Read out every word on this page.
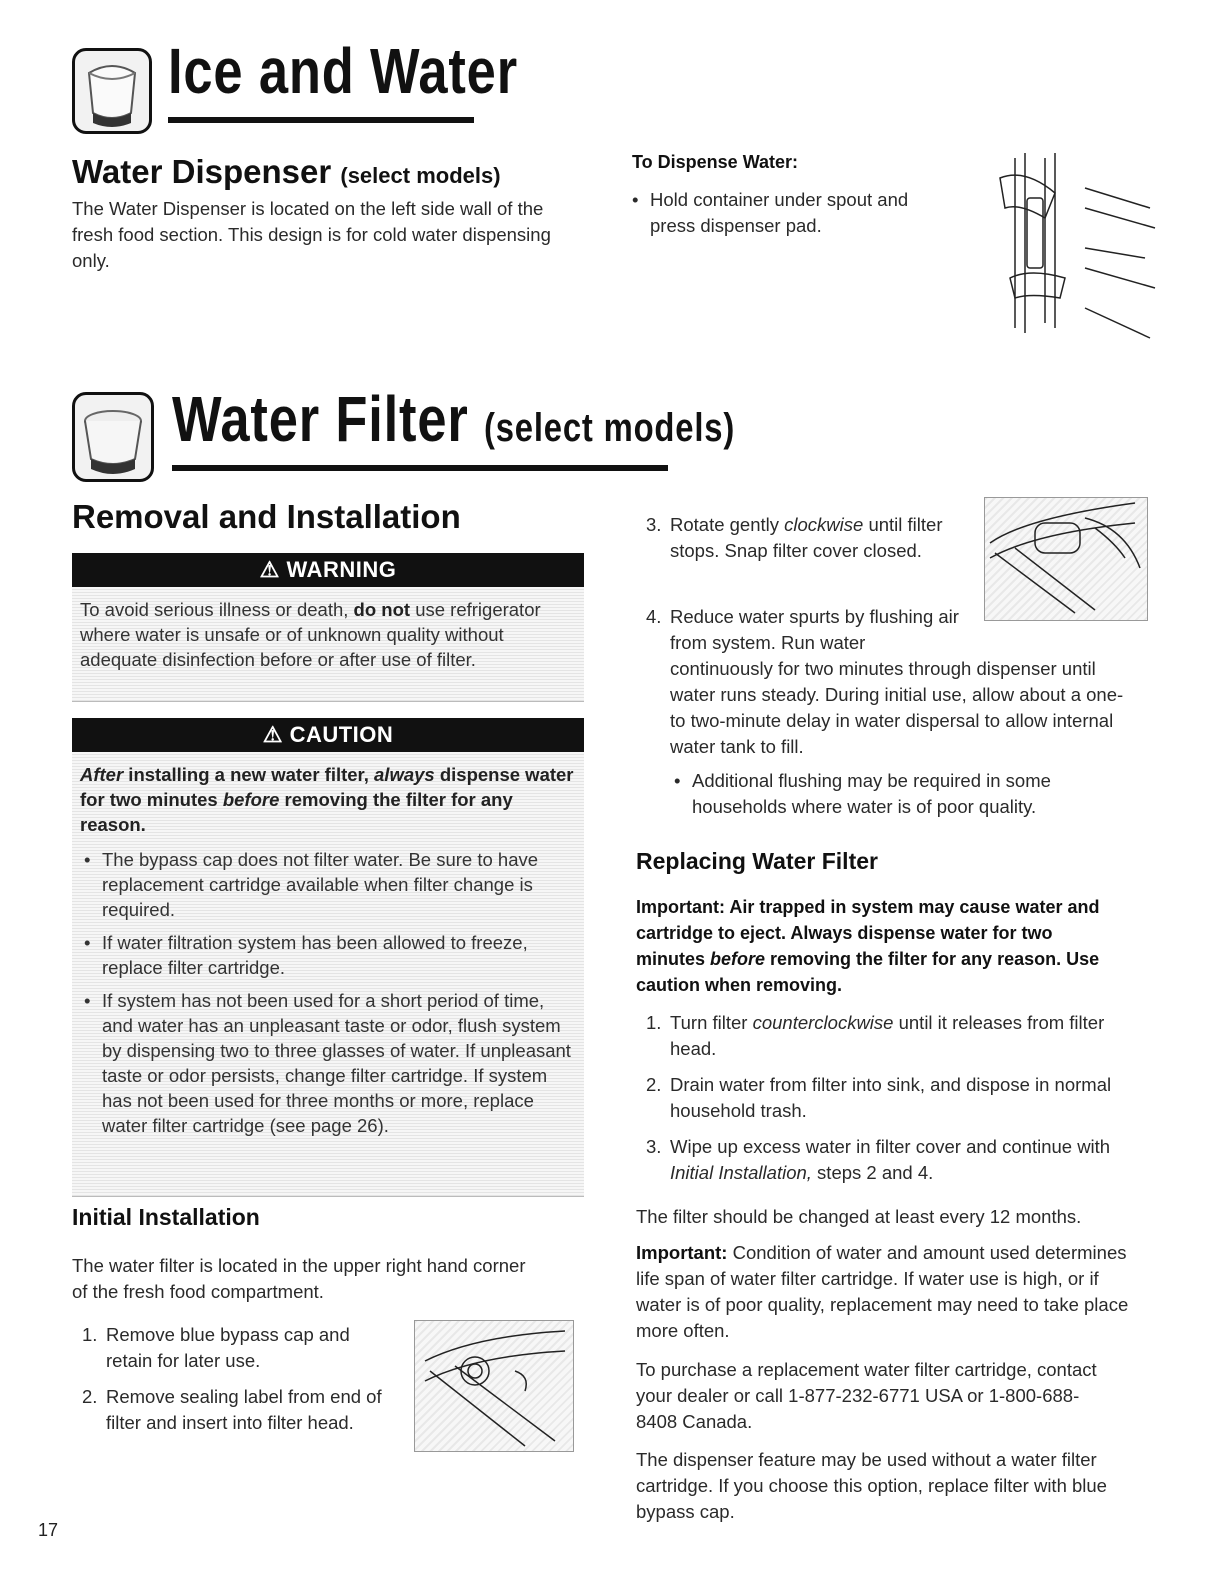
Ice and Water
Water Dispenser (select models)
The Water Dispenser is located on the left side wall of the fresh food section. This design is for cold water dispensing only.
To Dispense Water:
• Hold container under spout and press dispenser pad.
Water Filter (select models)
Removal and Installation
⚠ WARNING
To avoid serious illness or death, do not use refrigerator where water is unsafe or of unknown quality without adequate disinfection before or after use of filter.
⚠ CAUTION
After installing a new water filter, always dispense water for two minutes before removing the filter for any reason.
• The bypass cap does not filter water. Be sure to have replacement cartridge available when filter change is required.
• If water filtration system has been allowed to freeze, replace filter cartridge.
• If system has not been used for a short period of time, and water has an unpleasant taste or odor, flush system by dispensing two to three glasses of water. If unpleasant taste or odor persists, change filter cartridge. If system has not been used for three months or more, replace water filter cartridge (see page 26).
Initial Installation
The water filter is located in the upper right hand corner of the fresh food compartment.
1. Remove blue bypass cap and retain for later use.
2. Remove sealing label from end of filter and insert into filter head.
3. Rotate gently clockwise until filter stops. Snap filter cover closed.
4. Reduce water spurts by flushing air from system. Run water
continuously for two minutes through dispenser until water runs steady. During initial use, allow about a one- to two-minute delay in water dispersal to allow internal water tank to fill.
• Additional flushing may be required in some households where water is of poor quality.
Replacing Water Filter
Important: Air trapped in system may cause water and cartridge to eject. Always dispense water for two minutes before removing the filter for any reason. Use caution when removing.
1. Turn filter counterclockwise until it releases from filter head.
2. Drain water from filter into sink, and dispose in normal household trash.
3. Wipe up excess water in filter cover and continue with Initial Installation, steps 2 and 4.
The filter should be changed at least every 12 months.
Important: Condition of water and amount used determines life span of water filter cartridge. If water use is high, or if water is of poor quality, replacement may need to take place more often.
To purchase a replacement water filter cartridge, contact your dealer or call 1-877-232-6771 USA or 1-800-688-8408 Canada.
The dispenser feature may be used without a water filter cartridge. If you choose this option, replace filter with blue bypass cap.
17
